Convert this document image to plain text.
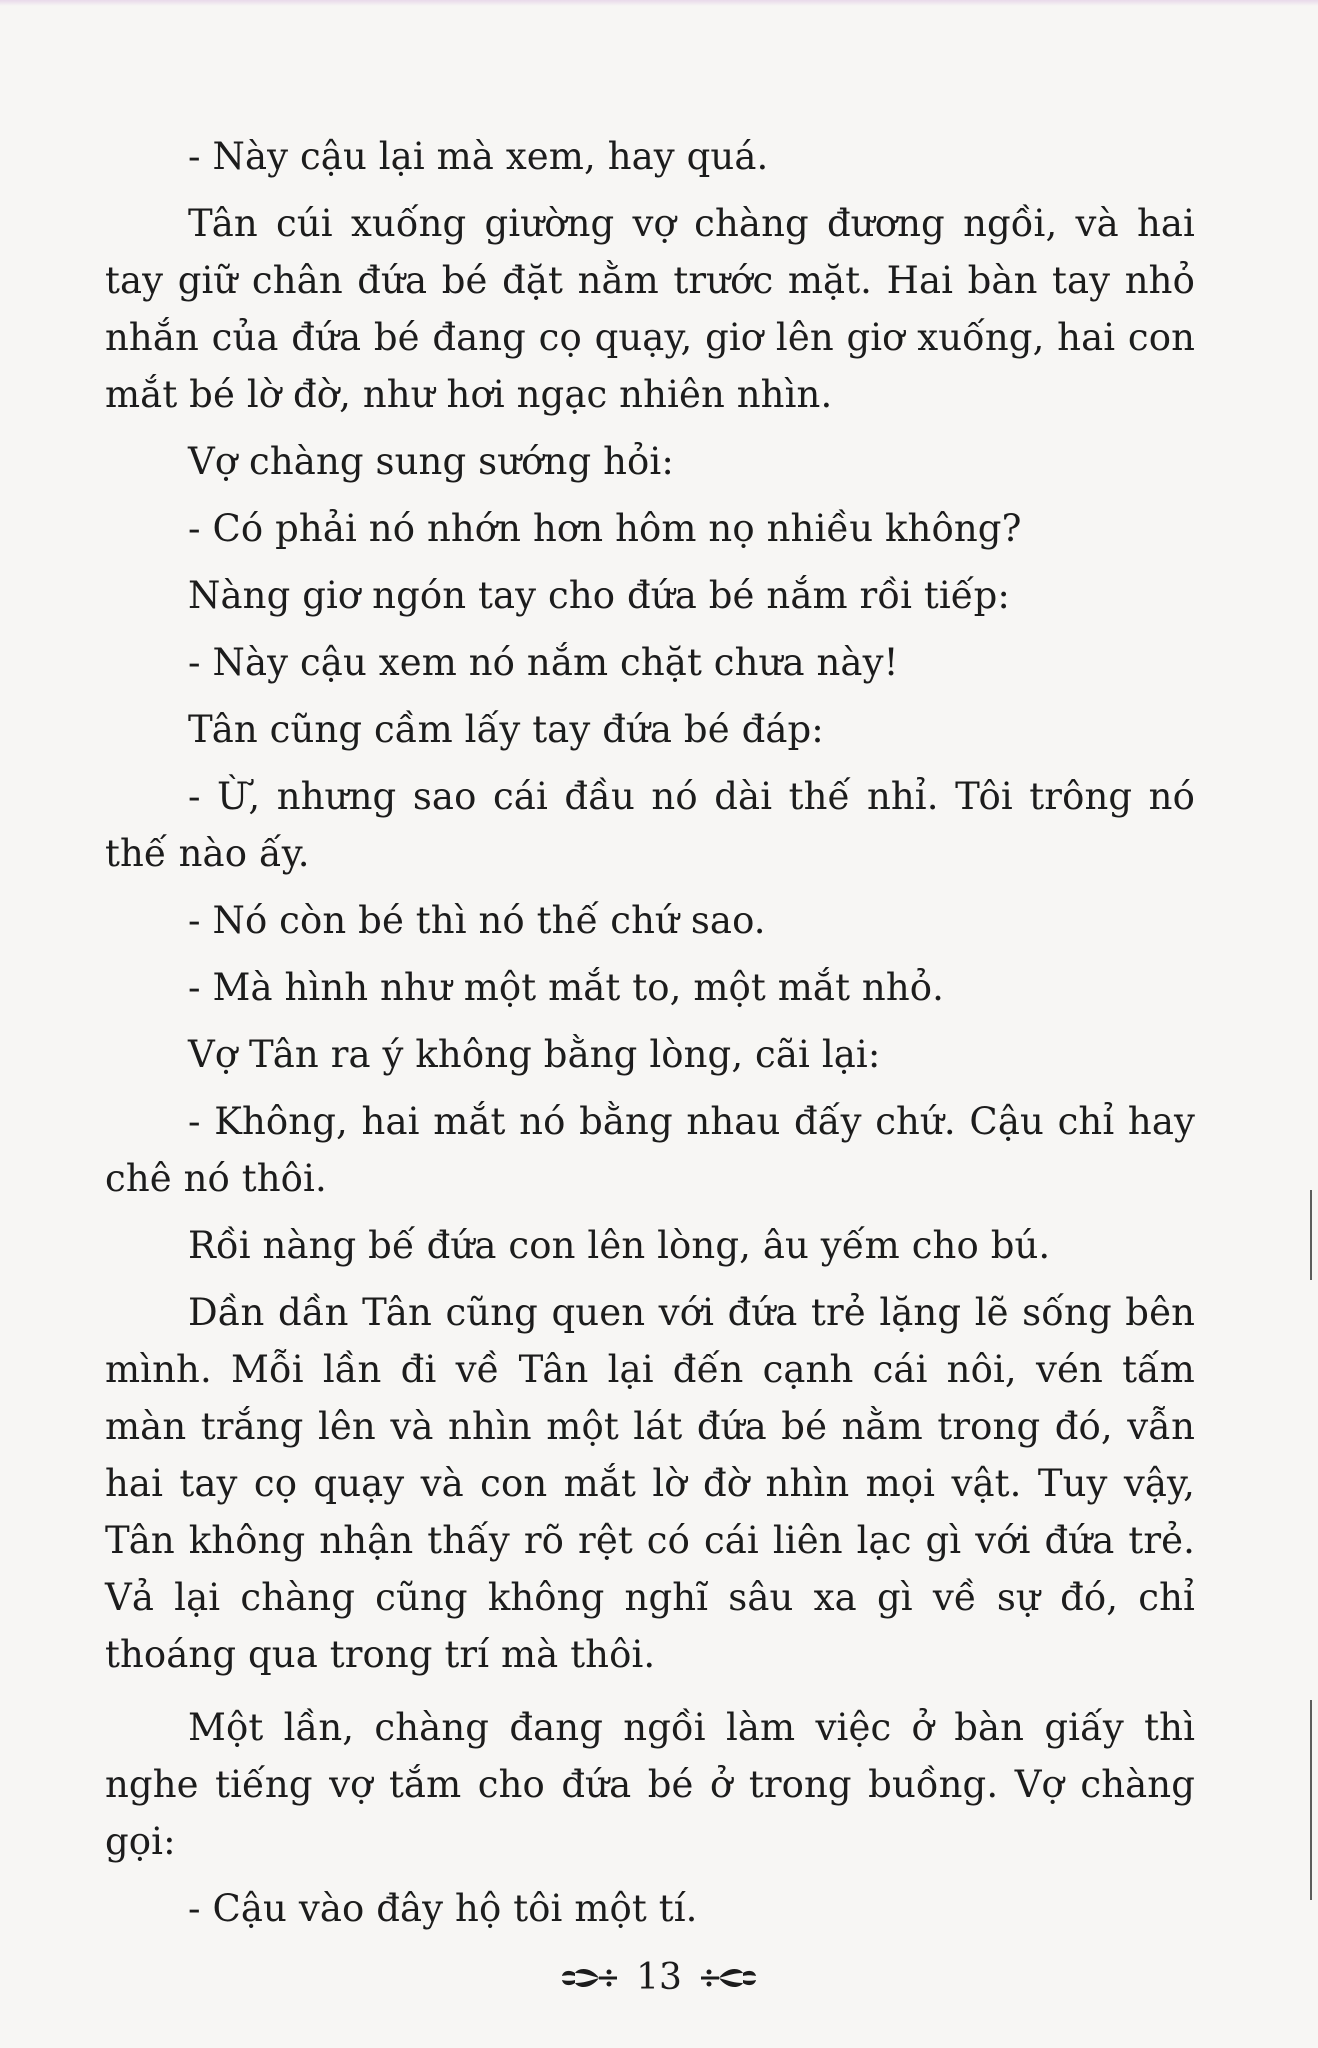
- Này cậu lại mà xem, hay quá.

Tân cúi xuống giường vợ chàng đương ngồi, và hai tay giữ chân đứa bé đặt nằm trước mặt. Hai bàn tay nhỏ nhắn của đứa bé đang cọ quạy, giơ lên giơ xuống, hai con mắt bé lờ đờ, như hơi ngạc nhiên nhìn.

Vợ chàng sung sướng hỏi:

- Có phải nó nhớn hơn hôm nọ nhiều không?

Nàng giơ ngón tay cho đứa bé nắm rồi tiếp:

- Này cậu xem nó nắm chặt chưa này!

Tân cũng cầm lấy tay đứa bé đáp:

- Ừ, nhưng sao cái đầu nó dài thế nhỉ. Tôi trông nó thế nào ấy.

- Nó còn bé thì nó thế chứ sao.

- Mà hình như một mắt to, một mắt nhỏ.

Vợ Tân ra ý không bằng lòng, cãi lại:

- Không, hai mắt nó bằng nhau đấy chứ. Cậu chỉ hay chê nó thôi.

Rồi nàng bế đứa con lên lòng, âu yếm cho bú.

Dần dần Tân cũng quen với đứa trẻ lặng lẽ sống bên mình. Mỗi lần đi về Tân lại đến cạnh cái nôi, vén tấm màn trắng lên và nhìn một lát đứa bé nằm trong đó, vẫn hai tay cọ quạy và con mắt lờ đờ nhìn mọi vật. Tuy vậy, Tân không nhận thấy rõ rệt có cái liên lạc gì với đứa trẻ. Vả lại chàng cũng không nghĩ sâu xa gì về sự đó, chỉ thoáng qua trong trí mà thôi.

Một lần, chàng đang ngồi làm việc ở bàn giấy thì nghe tiếng vợ tắm cho đứa bé ở trong buồng. Vợ chàng gọi:

- Cậu vào đây hộ tôi một tí.

13
